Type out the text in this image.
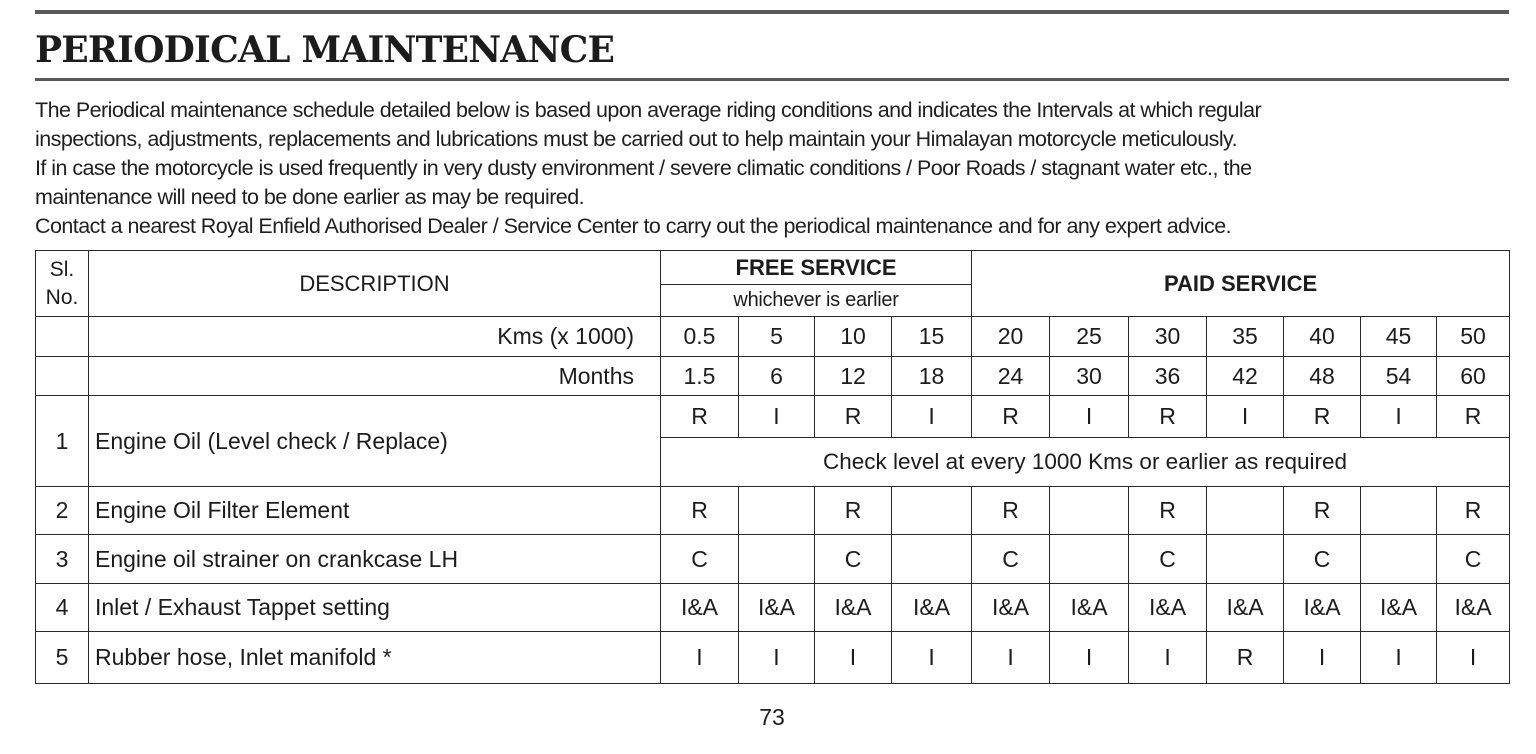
PERIODICAL MAINTENANCE

The Periodical maintenance schedule detailed below is based upon average riding conditions and indicates the Intervals at which regular

inspections, adjustments, replacements and lubrications must be carried out to help maintain your Himalayan motorcycle meticulously.

If in case the motorcycle is used frequently in very dusty environment / severe climatic conditions / Poor Roads / stagnant water etc., the

maintenance will need to be done earlier as may be required.

Contact a nearest Royal Enfield Authorised Dealer / Service Center to carry out the periodical maintenance and for any expert advice.

Sl.
No.	DESCRIPTION	FREE SERVICE				PAID SERVICE						
		whichever is earlier										
	Kms (x 1000)	0.5	5	10	15	20	25	30	35	40	45	50
	Months	1.5	6	12	18	24	30	36	42	48	54	60
1	Engine Oil (Level check / Replace)	R	I	R	I	R	I	R	I	R	I	R
		Check level at every 1000 Kms or earlier as required										
2	Engine Oil Filter Element	R		R		R		R		R		R
3	Engine oil strainer on crankcase LH	C		C		C		C		C		C
4	Inlet / Exhaust Tappet setting	I&A	I&A	I&A	I&A	I&A	I&A	I&A	I&A	I&A	I&A	I&A
5	Rubber hose, Inlet manifold *	I	I	I	I	I	I	I	R	I	I	I
73
